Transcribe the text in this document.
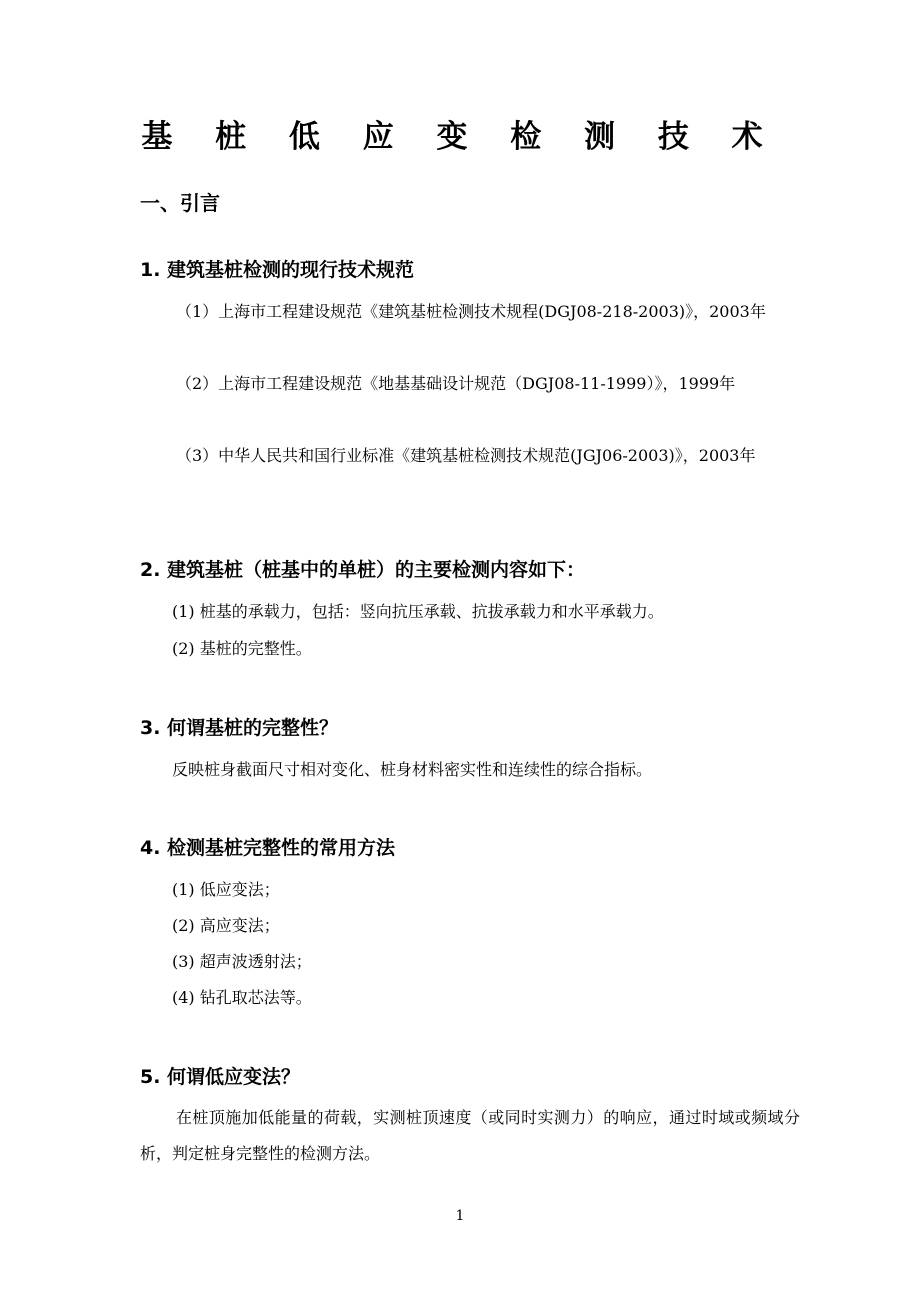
基 桩 低 应 变 检 测 技 术
一、引言
1. 建筑基桩检测的现行技术规范
（1）上海市工程建设规范《建筑基桩检测技术规程(DGJ08-218-2003)》，2003年
（2）上海市工程建设规范《地基基础设计规范（DGJ08-11-1999）》，1999年
（3）中华人民共和国行业标准《建筑基桩检测技术规范(JGJ06-2003)》，2003年
2. 建筑基桩（桩基中的单桩）的主要检测内容如下：
(1) 桩基的承载力，包括：竖向抗压承载、抗拔承载力和水平承载力。
(2) 基桩的完整性。
3. 何谓基桩的完整性？
反映桩身截面尺寸相对变化、桩身材料密实性和连续性的综合指标。
4. 检测基桩完整性的常用方法
(1) 低应变法；
(2) 高应变法；
(3) 超声波透射法；
(4) 钻孔取芯法等。
5. 何谓低应变法？
在桩顶施加低能量的荷载，实测桩顶速度（或同时实测力）的响应，通过时域或频域分析，判定桩身完整性的检测方法。
1
